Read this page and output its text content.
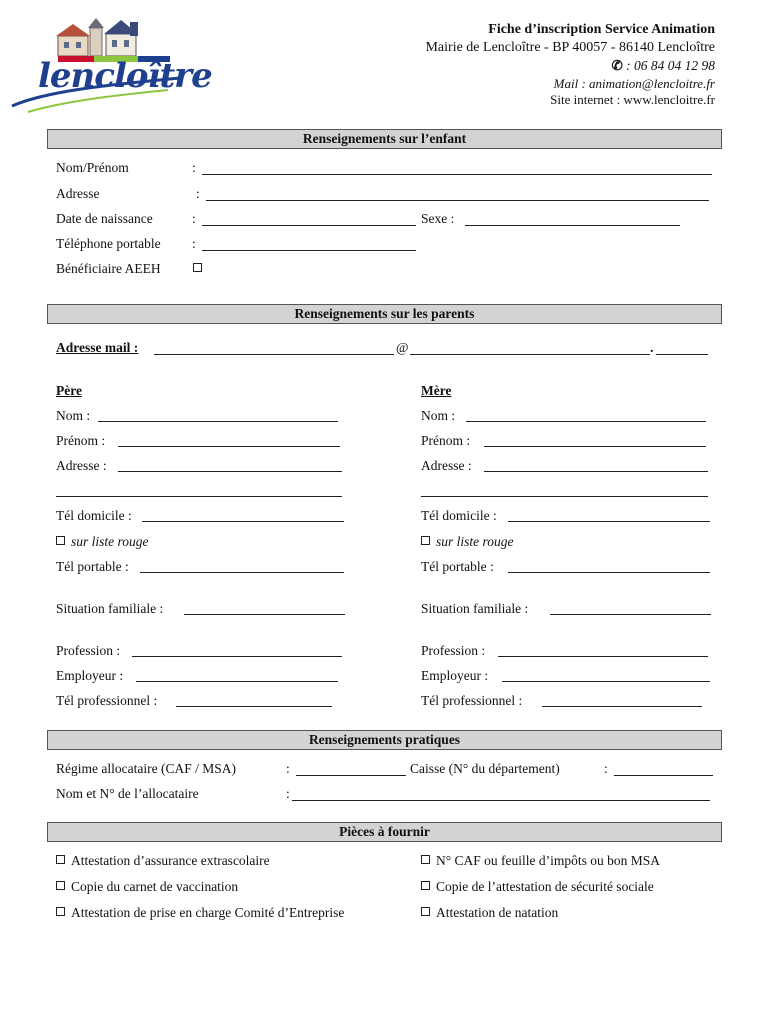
lencloître
Fiche d’inscription Service Animation
Mairie de Lencloître - BP 40057 - 86140 Lencloître
✆ : 06 84 04 12 98
Mail : animation@lencloitre.fr
Site internet : www.lencloitre.fr
Renseignements sur l’enfant
Nom/Prénom	:
Adresse	:
Date de naissance	:	Sexe :
Téléphone portable :
Bénéficiaire AEEH
Renseignements sur les parents
Adresse mail :	@	.
Père
Nom :
Prénom :
Adresse :
Tél domicile :
sur liste rouge
Tél portable :
Situation familiale :
Profession :
Employeur :
Tél professionnel :
Mère
Nom :
Prénom :
Adresse :
Tél domicile :
sur liste rouge
Tél portable :
Situation familiale :
Profession :
Employeur :
Tél professionnel :
Renseignements pratiques
Régime allocataire (CAF / MSA)	:	Caisse (N° du département)	:
Nom et N° de l’allocataire	:
Pièces à fournir
Attestation d’assurance extrascolaire	N° CAF ou feuille d’impôts ou bon MSA
Copie du carnet de vaccination	Copie de l’attestation de sécurité sociale
Attestation de prise en charge Comité d’Entreprise	Attestation de natation
